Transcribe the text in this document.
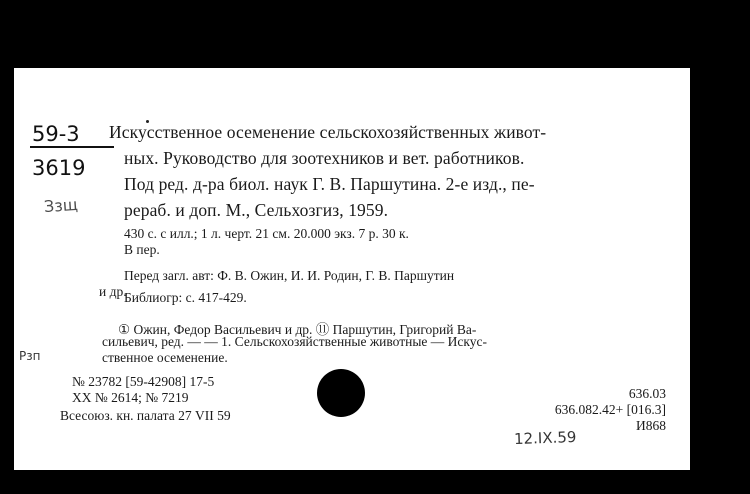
59-3

3619

Ззщ

Искусственное осеменение сельскохозяйственных живот-

ных. Руководство для зоотехников и вет. работников.

Под ред. д-ра биол. наук Г. В. Паршутина. 2-е изд., пе-

рераб. и доп. М., Сельхозгиз, 1959.

430 с. с илл.; 1 л. черт. 21 см. 20.000 экз. 7 р. 30 к.

В пер.

Перед загл. авт: Ф. В. Ожин, И. И. Родин, Г. В. Паршутин

и др.

Библиогр: с. 417-429.

① Ожин, Федор Васильевич и др. ⑪ Паршутин, Григорий Ва-

сильевич, ред. — — 1. Сельскохозяйственные животные — Искус-

ственное осеменение.

Рзп

№ 23782 [59-42908] 17-5

XX № 2614; № 7219

Всесоюз. кн. палата 27 VII 59

636.03

636.082.42+ [016.3]

И868

12.IX.59
